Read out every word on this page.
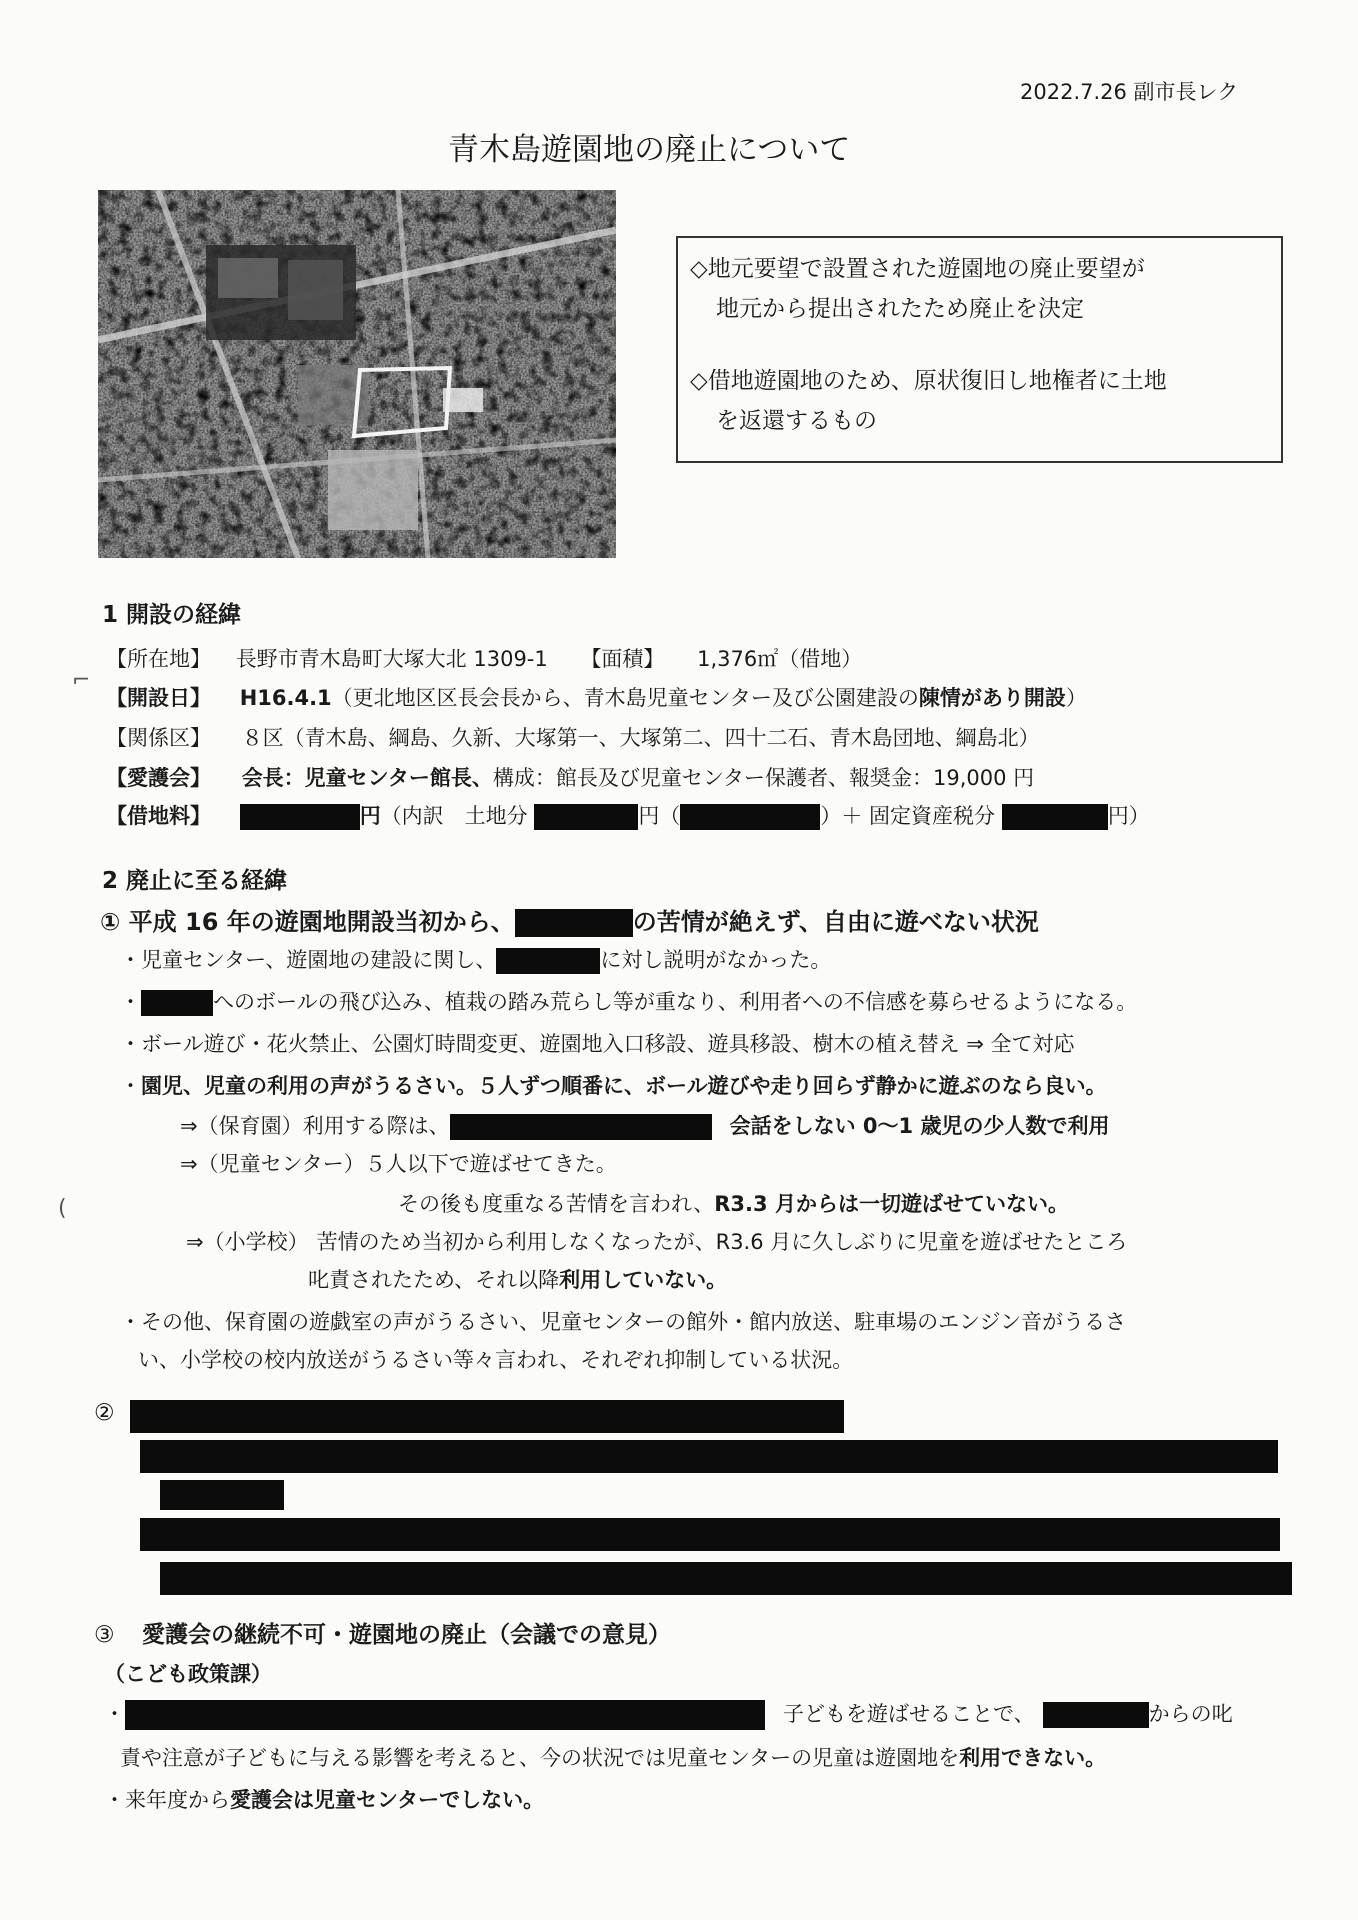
2022.7.26 副市長レク
青木島遊園地の廃止について
◇地元要望で設置された遊園地の廃止要望が
地元から提出されたため廃止を決定
◇借地遊園地のため、原状復旧し地権者に土地
を返還するもの
1 開設の経緯
【所在地】 長野市青木島町大塚大北 1309-1 【面積】 1,376㎡（借地）
【開設日】 H16.4.1（更北地区区長会長から、青木島児童センター及び公園建設の陳情があり開設）
【関係区】 ８区（青木島、綱島、久新、大塚第一、大塚第二、四十二石、青木島団地、綱島北）
【愛護会】 会長：児童センター館長、構成：館長及び児童センター保護者、報奨金：19,000 円
【借地料】	円（内訳　土地分	円（	）＋ 固定資産税分	円）
2 廃止に至る経緯
① 平成 16 年の遊園地開設当初から、	の苦情が絶えず、自由に遊べない状況
・児童センター、遊園地の建設に関し、	に対し説明がなかった。
・	へのボールの飛び込み、植栽の踏み荒らし等が重なり、利用者への不信感を募らせるようになる。
・ボール遊び・花火禁止、公園灯時間変更、遊園地入口移設、遊具移設、樹木の植え替え ⇒ 全て対応
・園児、児童の利用の声がうるさい。５人ずつ順番に、ボール遊びや走り回らず静かに遊ぶのなら良い。
⇒（保育園）利用する際は、	会話をしない 0〜1 歳児の少人数で利用
⇒（児童センター）５人以下で遊ばせてきた。
その後も度重なる苦情を言われ、R3.3 月からは一切遊ばせていない。
⇒（小学校） 苦情のため当初から利用しなくなったが、R3.6 月に久しぶりに児童を遊ばせたところ
叱責されたため、それ以降利用していない。
・その他、保育園の遊戯室の声がうるさい、児童センターの館外・館内放送、駐車場のエンジン音がうるさ
い、小学校の校内放送がうるさい等々言われ、それぞれ抑制している状況。
②
③ 愛護会の継続不可・遊園地の廃止（会議での意見）
（こども政策課）
・	子どもを遊ばせることで、	からの叱
責や注意が子どもに与える影響を考えると、今の状況では児童センターの児童は遊園地を利用できない。
・来年度から愛護会は児童センターでしない。
⌐
(
